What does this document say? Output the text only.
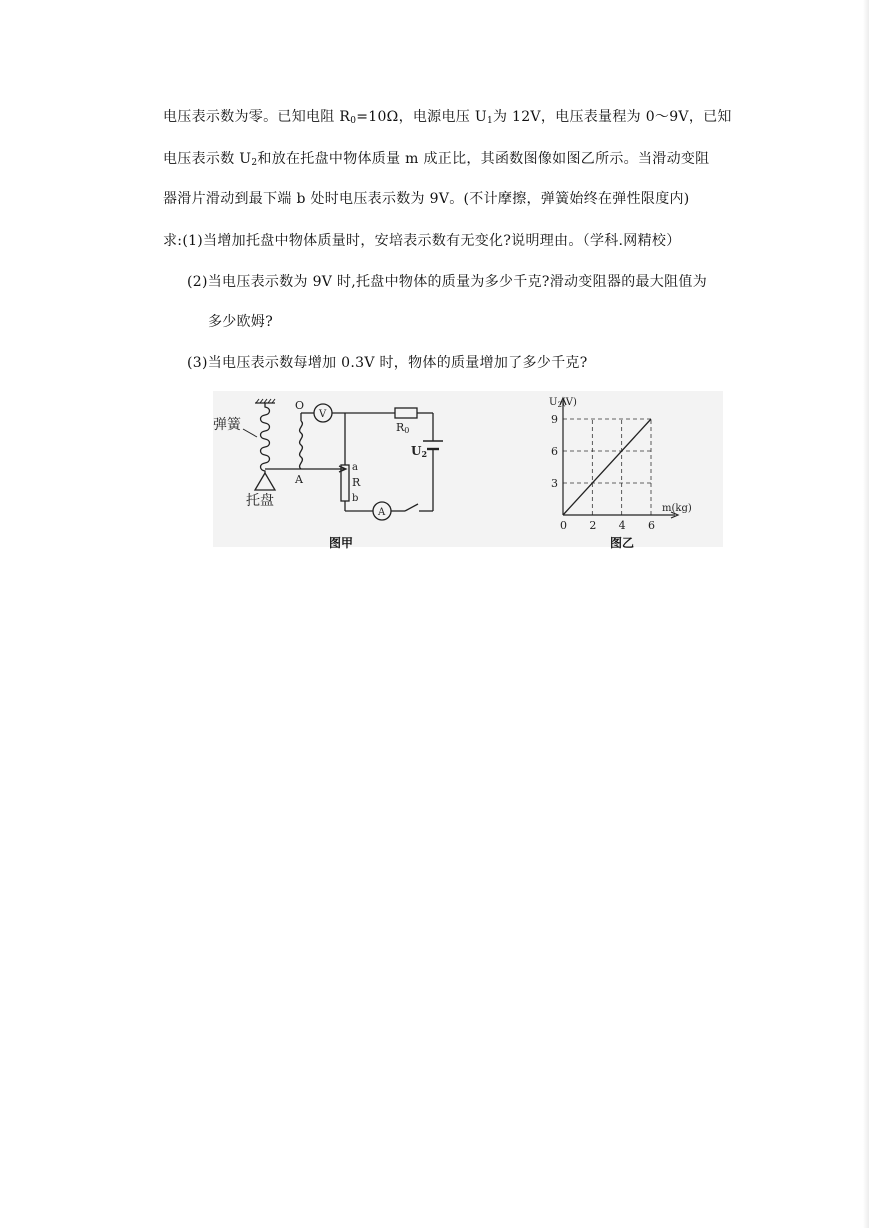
电压表示数为零。已知电阻 $R_0=10\Omega$，电源电压 $U_1$为 12V，电压表量程为 0～9V，已知
电压表示数 $U_2$和放在托盘中物体质量 m 成正比，其函数图像如图乙所示。当滑动变阻
器滑片滑动到最下端 b 处时电压表示数为 9V。(不计摩擦，弹簧始终在弹性限度内)
求:(1)当增加托盘中物体质量时，安培表示数有无变化?说明理由。（学科.网精校）
(2)当电压表示数为 9V 时,托盘中物体的质量为多少千克?滑动变阻器的最大阻值为
多少欧姆?
(3)当电压表示数每增加 0.3V 时，物体的质量增加了多少千克?
弹簧
托盘
O
A
V
R0
U2
a
R
b
A
0 2 4 6
3
6
9
$U_2(V)$
m(kg)
图甲	图乙
